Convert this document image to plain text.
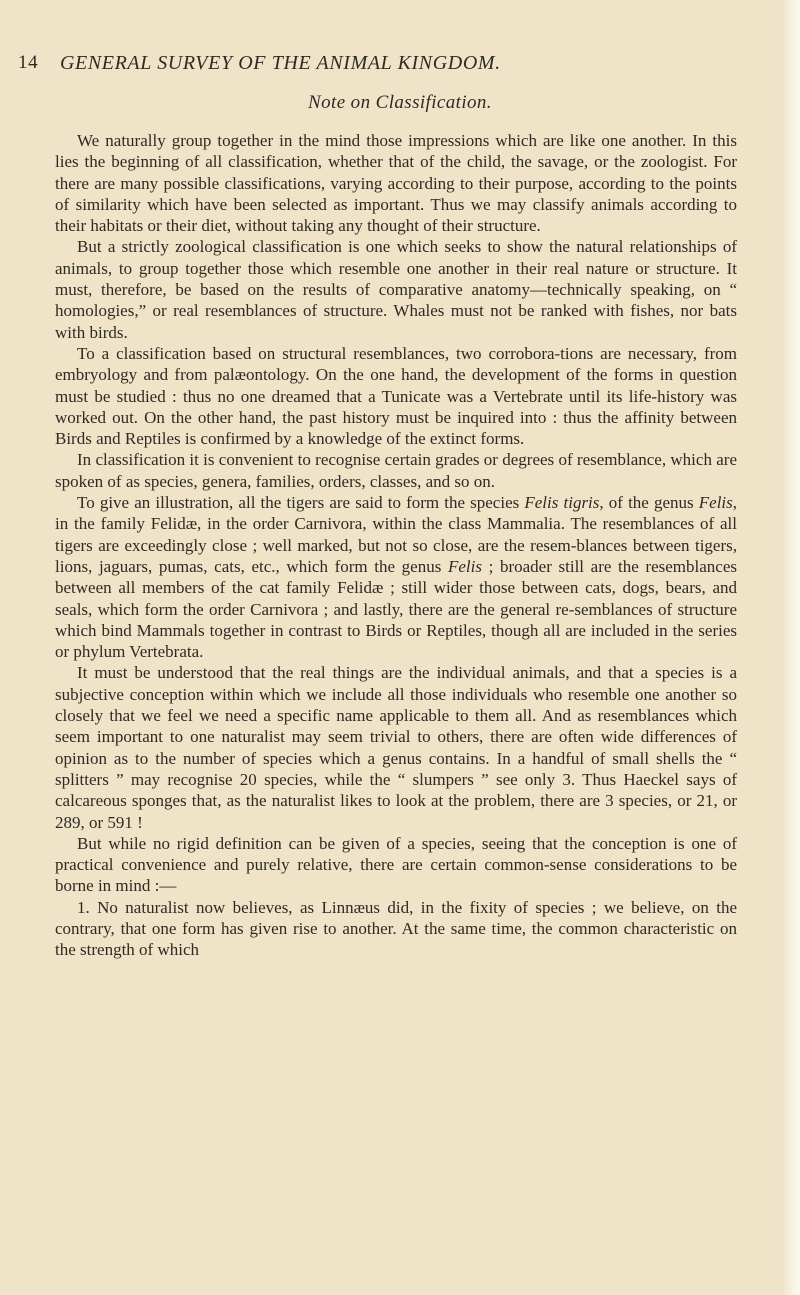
14 GENERAL SURVEY OF THE ANIMAL KINGDOM.
Note on Classification.

We naturally group together in the mind those impressions which are like one another. In this lies the beginning of all classification, whether that of the child, the savage, or the zoologist. For there are many possible classifications, varying according to their purpose, according to the points of similarity which have been selected as important. Thus we may classify animals according to their habitats or their diet, without taking any thought of their structure.

But a strictly zoological classification is one which seeks to show the natural relationships of animals, to group together those which resemble one another in their real nature or structure. It must, therefore, be based on the results of comparative anatomy—technically speaking, on “ homologies,” or real resemblances of structure. Whales must not be ranked with fishes, nor bats with birds.

To a classification based on structural resemblances, two corrobora-tions are necessary, from embryology and from palæontology. On the one hand, the development of the forms in question must be studied : thus no one dreamed that a Tunicate was a Vertebrate until its life-history was worked out. On the other hand, the past history must be inquired into : thus the affinity between Birds and Reptiles is confirmed by a knowledge of the extinct forms.

In classification it is convenient to recognise certain grades or degrees of resemblance, which are spoken of as species, genera, families, orders, classes, and so on.

To give an illustration, all the tigers are said to form the species Felis tigris, of the genus Felis, in the family Felidæ, in the order Carnivora, within the class Mammalia. The resemblances of all tigers are exceedingly close ; well marked, but not so close, are the resem-blances between tigers, lions, jaguars, pumas, cats, etc., which form the genus Felis ; broader still are the resemblances between all members of the cat family Felidæ ; still wider those between cats, dogs, bears, and seals, which form the order Carnivora ; and lastly, there are the general re-semblances of structure which bind Mammals together in contrast to Birds or Reptiles, though all are included in the series or phylum Vertebrata.

It must be understood that the real things are the individual animals, and that a species is a subjective conception within which we include all those individuals who resemble one another so closely that we feel we need a specific name applicable to them all. And as resemblances which seem important to one naturalist may seem trivial to others, there are often wide differences of opinion as to the number of species which a genus contains. In a handful of small shells the “ splitters ” may recognise 20 species, while the “ slumpers ” see only 3. Thus Haeckel says of calcareous sponges that, as the naturalist likes to look at the problem, there are 3 species, or 21, or 289, or 591 !

But while no rigid definition can be given of a species, seeing that the conception is one of practical convenience and purely relative, there are certain common-sense considerations to be borne in mind :—

1. No naturalist now believes, as Linnæus did, in the fixity of species ; we believe, on the contrary, that one form has given rise to another. At the same time, the common characteristic on the strength of which
